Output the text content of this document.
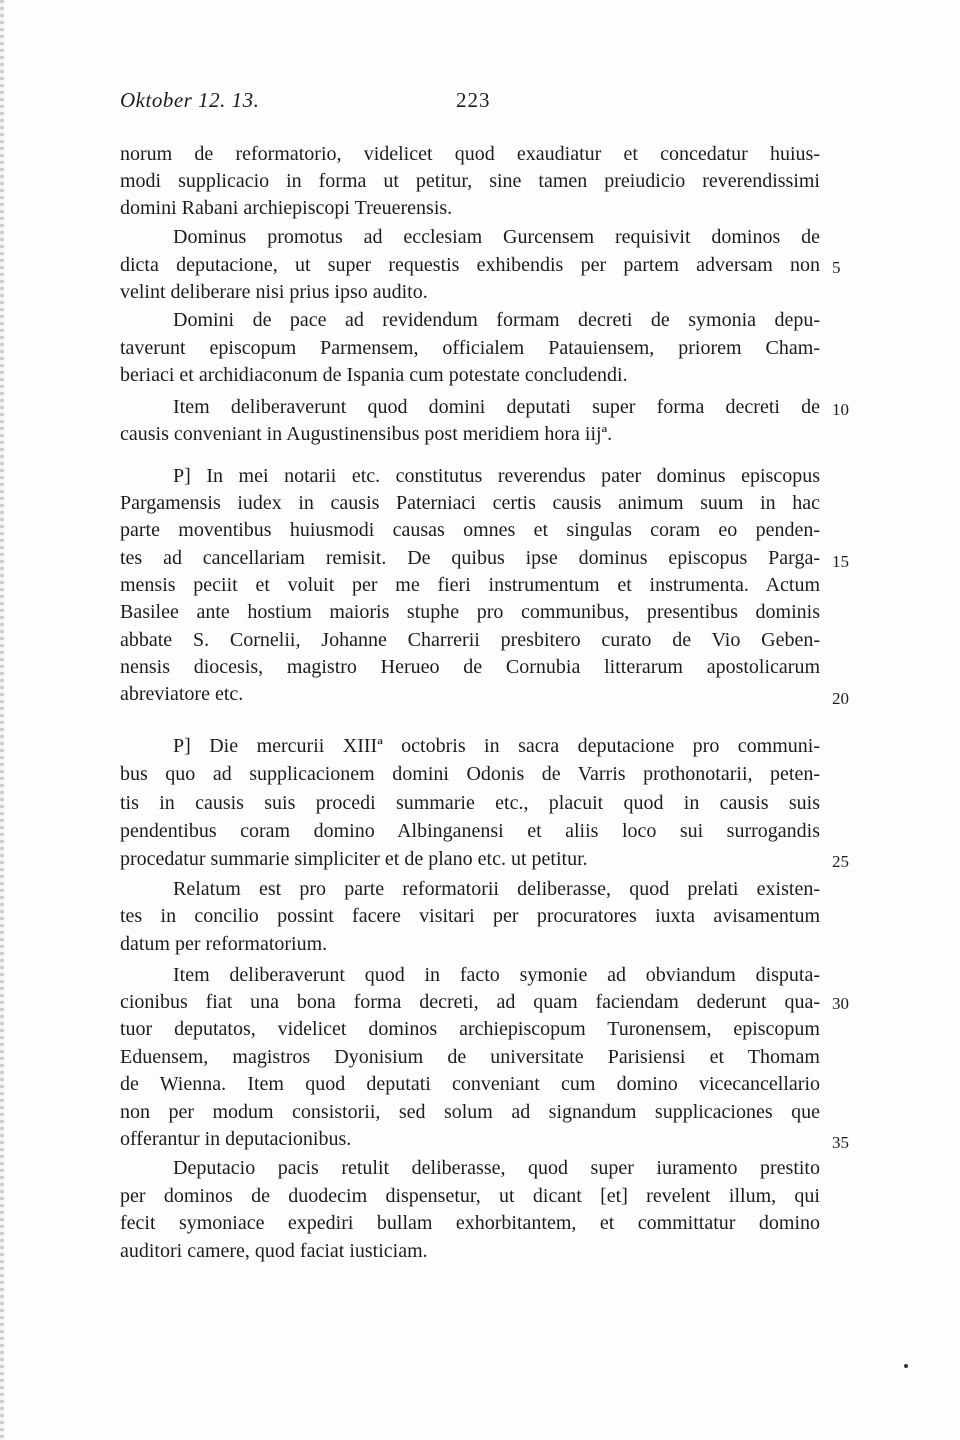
Oktober 12. 13.	223
norum de reformatorio, videlicet quod exaudiatur et concedatur huius-
modi supplicacio in forma ut petitur, sine tamen preiudicio reverendissimi
domini Rabani archiepiscopi Treuerensis.
Dominus promotus ad ecclesiam Gurcensem requisivit dominos de
dicta deputacione, ut super requestis exhibendis per partem adversam non
velint deliberare nisi prius ipso audito.
Domini de pace ad revidendum formam decreti de symonia depu-
taverunt episcopum Parmensem, officialem Patauiensem, priorem Cham-
beriaci et archidiaconum de Ispania cum potestate concludendi.
Item deliberaverunt quod domini deputati super forma decreti de
causis conveniant in Augustinensibus post meridiem hora iijª.
P] In mei notarii etc. constitutus reverendus pater dominus episcopus
Pargamensis iudex in causis Paterniaci certis causis animum suum in hac
parte moventibus huiusmodi causas omnes et singulas coram eo penden-
tes ad cancellariam remisit. De quibus ipse dominus episcopus Parga-
mensis peciit et voluit per me fieri instrumentum et instrumenta. Actum
Basilee ante hostium maioris stuphe pro communibus, presentibus dominis
abbate S. Cornelii, Johanne Charrerii presbitero curato de Vio Geben-
nensis diocesis, magistro Herueo de Cornubia litterarum apostolicarum
abreviatore etc.
P] Die mercurii XIIIª octobris in sacra deputacione pro communi-
bus quo ad supplicacionem domini Odonis de Varris prothonotarii, peten-
tis in causis suis procedi summarie etc., placuit quod in causis suis
pendentibus coram domino Albinganensi et aliis loco sui surrogandis
procedatur summarie simpliciter et de plano etc. ut petitur.
Relatum est pro parte reformatorii deliberasse, quod prelati existen-
tes in concilio possint facere visitari per procuratores iuxta avisamentum
datum per reformatorium.
Item deliberaverunt quod in facto symonie ad obviandum disputa-
cionibus fiat una bona forma decreti, ad quam faciendam dederunt qua-
tuor deputatos, videlicet dominos archiepiscopum Turonensem, episcopum
Eduensem, magistros Dyonisium de universitate Parisiensi et Thomam
de Wienna. Item quod deputati conveniant cum domino vicecancellario
non per modum consistorii, sed solum ad signandum supplicaciones que
offerantur in deputacionibus.
Deputacio pacis retulit deliberasse, quod super iuramento prestito
per dominos de duodecim dispensetur, ut dicant [et] revelent illum, qui
fecit symoniace expediri bullam exhorbitantem, et committatur domino
auditori camere, quod faciat iusticiam.
5
10
15
20
25
30
35
